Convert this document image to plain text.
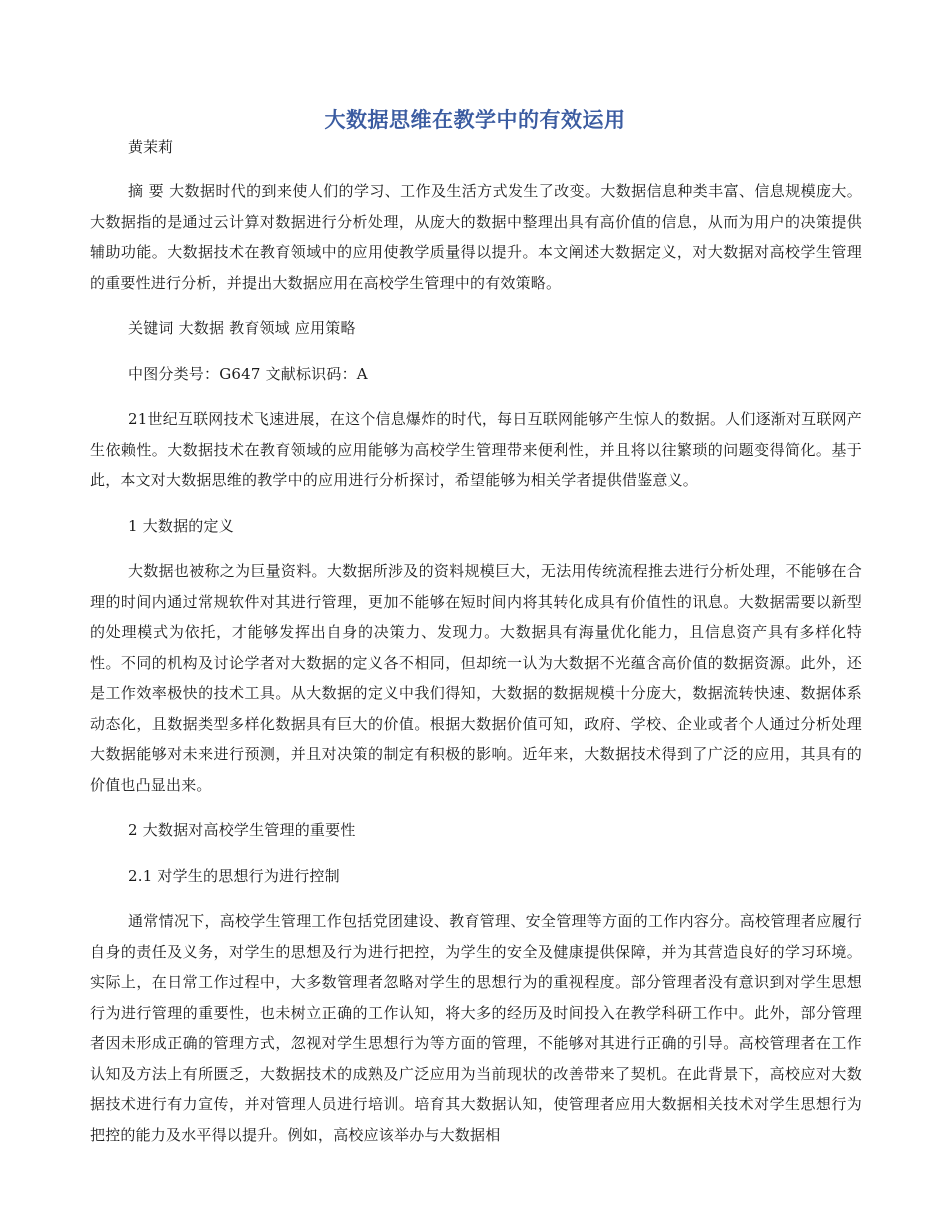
大数据思维在教学中的有效运用
黄茉莉

摘 要 大数据时代的到来使人们的学习、工作及生活方式发生了改变。大数据信息种类丰富、信息规模庞大。大数据指的是通过云计算对数据进行分析处理，从庞大的数据中整理出具有高价值的信息，从而为用户的决策提供辅助功能。大数据技术在教育领域中的应用使教学质量得以提升。本文阐述大数据定义，对大数据对高校学生管理的重要性进行分析，并提出大数据应用在高校学生管理中的有效策略。

关键词 大数据 教育领域 应用策略

中图分类号：G647 文献标识码：A

21世纪互联网技术飞速进展，在这个信息爆炸的时代，每日互联网能够产生惊人的数据。人们逐渐对互联网产生依赖性。大数据技术在教育领域的应用能够为高校学生管理带来便利性，并且将以往繁琐的问题变得简化。基于此，本文对大数据思维的教学中的应用进行分析探讨，希望能够为相关学者提供借鉴意义。

1 大数据的定义

大数据也被称之为巨量资料。大数据所涉及的资料规模巨大，无法用传统流程推去进行分析处理，不能够在合理的时间内通过常规软件对其进行管理，更加不能够在短时间内将其转化成具有价值性的讯息。大数据需要以新型的处理模式为依托，才能够发挥出自身的决策力、发现力。大数据具有海量优化能力，且信息资产具有多样化特性。不同的机构及讨论学者对大数据的定义各不相同，但却统一认为大数据不光蕴含高价值的数据资源。此外，还是工作效率极快的技术工具。从大数据的定义中我们得知，大数据的数据规模十分庞大，数据流转快速、数据体系动态化，且数据类型多样化数据具有巨大的价值。根据大数据价值可知，政府、学校、企业或者个人通过分析处理大数据能够对未来进行预测，并且对决策的制定有积极的影响。近年来，大数据技术得到了广泛的应用，其具有的价值也凸显出来。

2 大数据对高校学生管理的重要性

2.1 对学生的思想行为进行控制

通常情况下，高校学生管理工作包括党团建设、教育管理、安全管理等方面的工作内容分。高校管理者应履行自身的责任及义务，对学生的思想及行为进行把控，为学生的安全及健康提供保障，并为其营造良好的学习环境。实际上，在日常工作过程中，大多数管理者忽略对学生的思想行为的重视程度。部分管理者没有意识到对学生思想行为进行管理的重要性，也未树立正确的工作认知，将大多的经历及时间投入在教学科研工作中。此外，部分管理者因未形成正确的管理方式，忽视对学生思想行为等方面的管理，不能够对其进行正确的引导。高校管理者在工作认知及方法上有所匮乏，大数据技术的成熟及广泛应用为当前现状的改善带来了契机。在此背景下，高校应对大数据技术进行有力宣传，并对管理人员进行培训。培育其大数据认知，使管理者应用大数据相关技术对学生思想行为把控的能力及水平得以提升。例如，高校应该举办与大数据相
